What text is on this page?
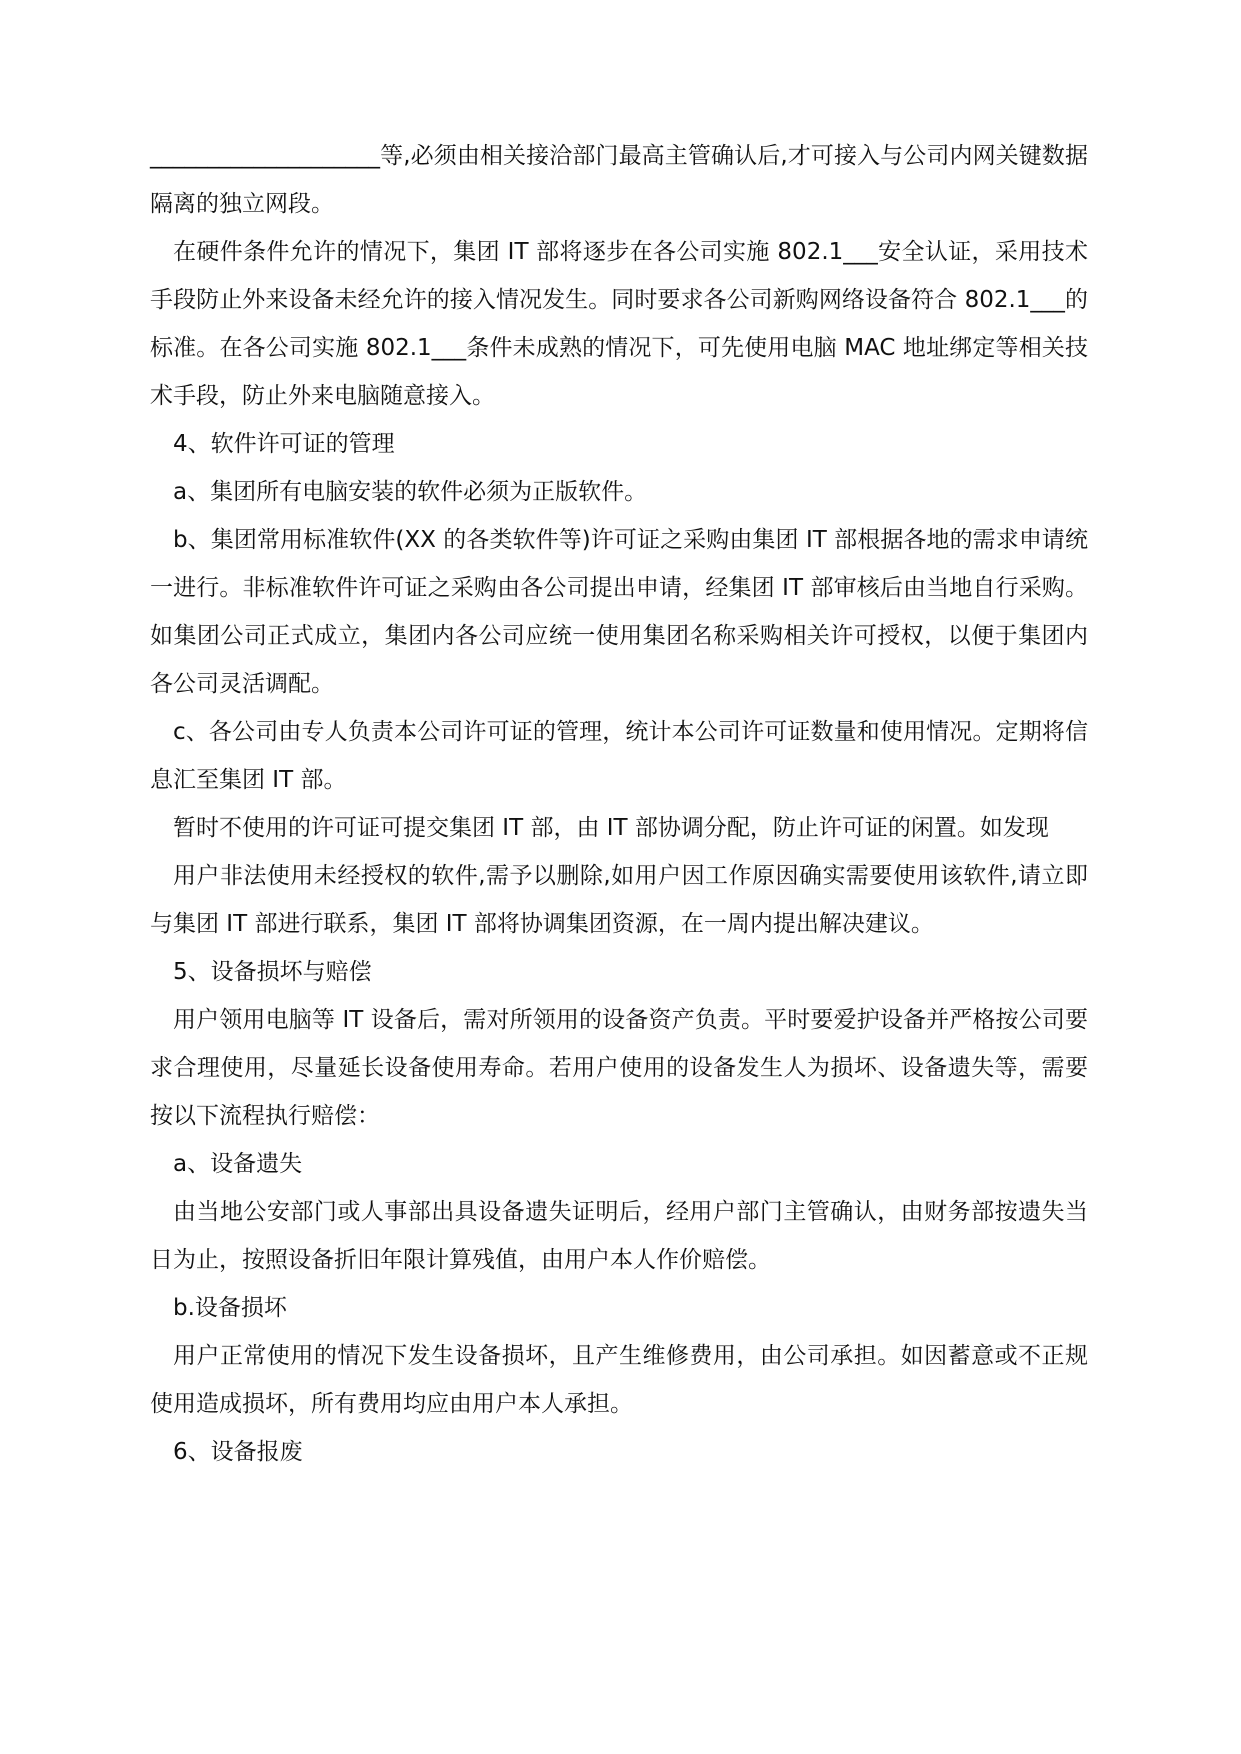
____________________等,必须由相关接洽部门最高主管确认后,才可接入与公司内网关键数据隔离的独立网段。

在硬件条件允许的情况下，集团 IT 部将逐步在各公司实施 802.1___安全认证，采用技术手段防止外来设备未经允许的接入情况发生。同时要求各公司新购网络设备符合 802.1___的标准。在各公司实施 802.1___条件未成熟的情况下，可先使用电脑 MAC 地址绑定等相关技术手段，防止外来电脑随意接入。

4、软件许可证的管理

a、集团所有电脑安装的软件必须为正版软件。

b、集团常用标准软件(XX 的各类软件等)许可证之采购由集团 IT 部根据各地的需求申请统一进行。非标准软件许可证之采购由各公司提出申请，经集团 IT 部审核后由当地自行采购。如集团公司正式成立，集团内各公司应统一使用集团名称采购相关许可授权，以便于集团内各公司灵活调配。

c、各公司由专人负责本公司许可证的管理，统计本公司许可证数量和使用情况。定期将信息汇至集团 IT 部。

暂时不使用的许可证可提交集团 IT 部，由 IT 部协调分配，防止许可证的闲置。如发现

用户非法使用未经授权的软件,需予以删除,如用户因工作原因确实需要使用该软件,请立即与集团 IT 部进行联系，集团 IT 部将协调集团资源，在一周内提出解决建议。

5、设备损坏与赔偿

用户领用电脑等 IT 设备后，需对所领用的设备资产负责。平时要爱护设备并严格按公司要求合理使用，尽量延长设备使用寿命。若用户使用的设备发生人为损坏、设备遗失等，需要按以下流程执行赔偿：

a、设备遗失

由当地公安部门或人事部出具设备遗失证明后，经用户部门主管确认，由财务部按遗失当日为止，按照设备折旧年限计算残值，由用户本人作价赔偿。

b.设备损坏

用户正常使用的情况下发生设备损坏，且产生维修费用，由公司承担。如因蓄意或不正规使用造成损坏，所有费用均应由用户本人承担。

6、设备报废
